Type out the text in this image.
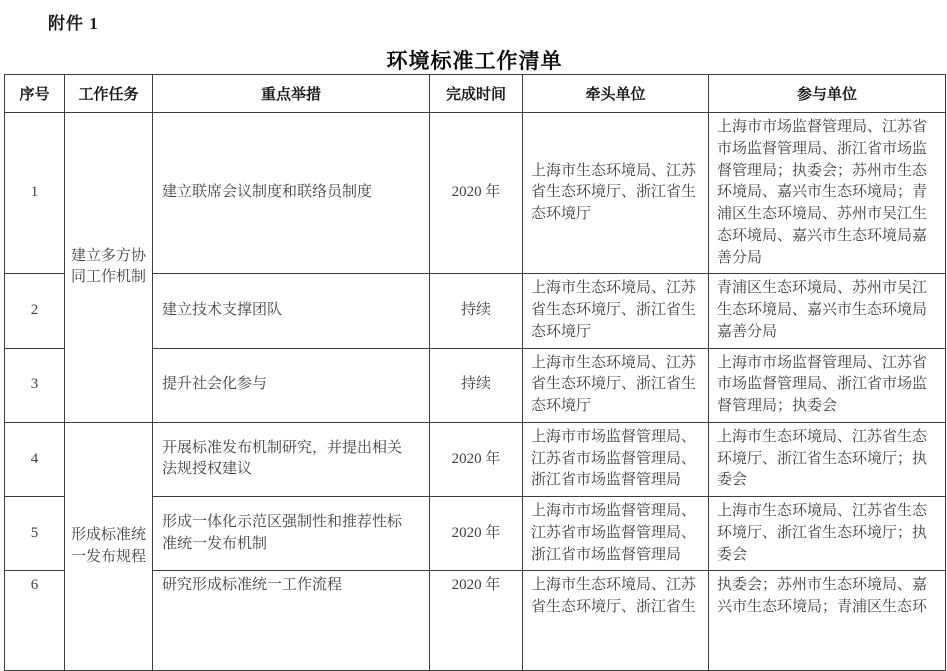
附件 1
环境标准工作清单
序号	工作任务	重点举措	完成时间	牵头单位	参与单位
1	建立多方协同工作机制	建立联席会议制度和联络员制度	2020 年	上海市生态环境局、江苏省生态环境厅、浙江省生态环境厅	上海市市场监督管理局、江苏省市场监督管理局、浙江省市场监督管理局；执委会；苏州市生态环境局、嘉兴市生态环境局；青浦区生态环境局、苏州市吴江生态环境局、嘉兴市生态环境局嘉善分局
2		建立技术支撑团队	持续	上海市生态环境局、江苏省生态环境厅、浙江省生态环境厅	青浦区生态环境局、苏州市吴江生态环境局、嘉兴市生态环境局嘉善分局
3		提升社会化参与	持续	上海市生态环境局、江苏省生态环境厅、浙江省生态环境厅	上海市市场监督管理局、江苏省市场监督管理局、浙江省市场监督管理局；执委会
4	形成标准统一发布规程	开展标准发布机制研究，并提出相关法规授权建议	2020 年	上海市市场监督管理局、江苏省市场监督管理局、浙江省市场监督管理局	上海市生态环境局、江苏省生态环境厅、浙江省生态环境厅；执委会
5		形成一体化示范区强制性和推荐性标准统一发布机制	2020 年	上海市市场监督管理局、江苏省市场监督管理局、浙江省市场监督管理局	上海市生态环境局、江苏省生态环境厅、浙江省生态环境厅；执委会
6		研究形成标准统一工作流程	2020 年	上海市生态环境局、江苏省生态环境厅、浙江省生	执委会；苏州市生态环境局、嘉兴市生态环境局；青浦区生态环
